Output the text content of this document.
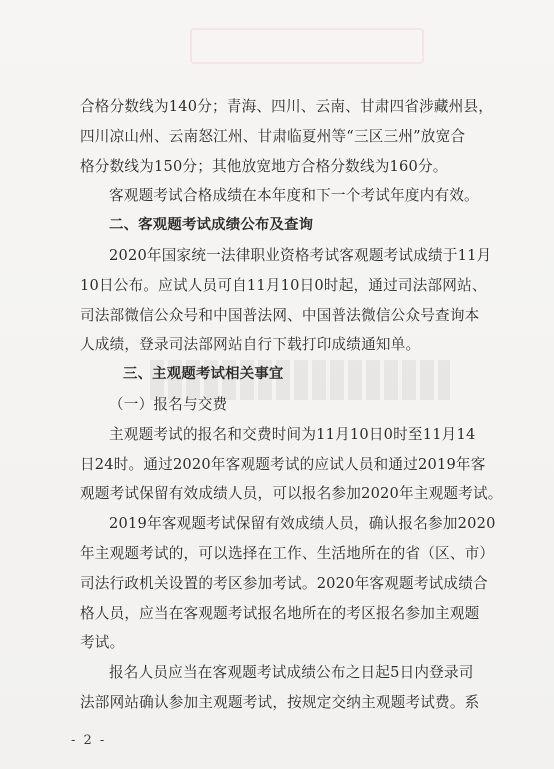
合格分数线为140分；青海、四川、云南、甘肃四省涉藏州县，
四川凉山州、云南怒江州、甘肃临夏州等“三区三州”放宽合
格分数线为150分；其他放宽地方合格分数线为160分。
客观题考试合格成绩在本年度和下一个考试年度内有效。
二、客观题考试成绩公布及查询
2020年国家统一法律职业资格考试客观题考试成绩于11月
10日公布。应试人员可自11月10日0时起，通过司法部网站、
司法部微信公众号和中国普法网、中国普法微信公众号查询本
人成绩，登录司法部网站自行下载打印成绩通知单。
三、主观题考试相关事宜
（一）报名与交费
主观题考试的报名和交费时间为11月10日0时至11月14
日24时。通过2020年客观题考试的应试人员和通过2019年客
观题考试保留有效成绩人员，可以报名参加2020年主观题考试。
2019年客观题考试保留有效成绩人员，确认报名参加2020
年主观题考试的，可以选择在工作、生活地所在的省（区、市）
司法行政机关设置的考区参加考试。2020年客观题考试成绩合
格人员，应当在客观题考试报名地所在的考区报名参加主观题
考试。
报名人员应当在客观题考试成绩公布之日起5日内登录司
法部网站确认参加主观题考试，按规定交纳主观题考试费。系
- 2 -
